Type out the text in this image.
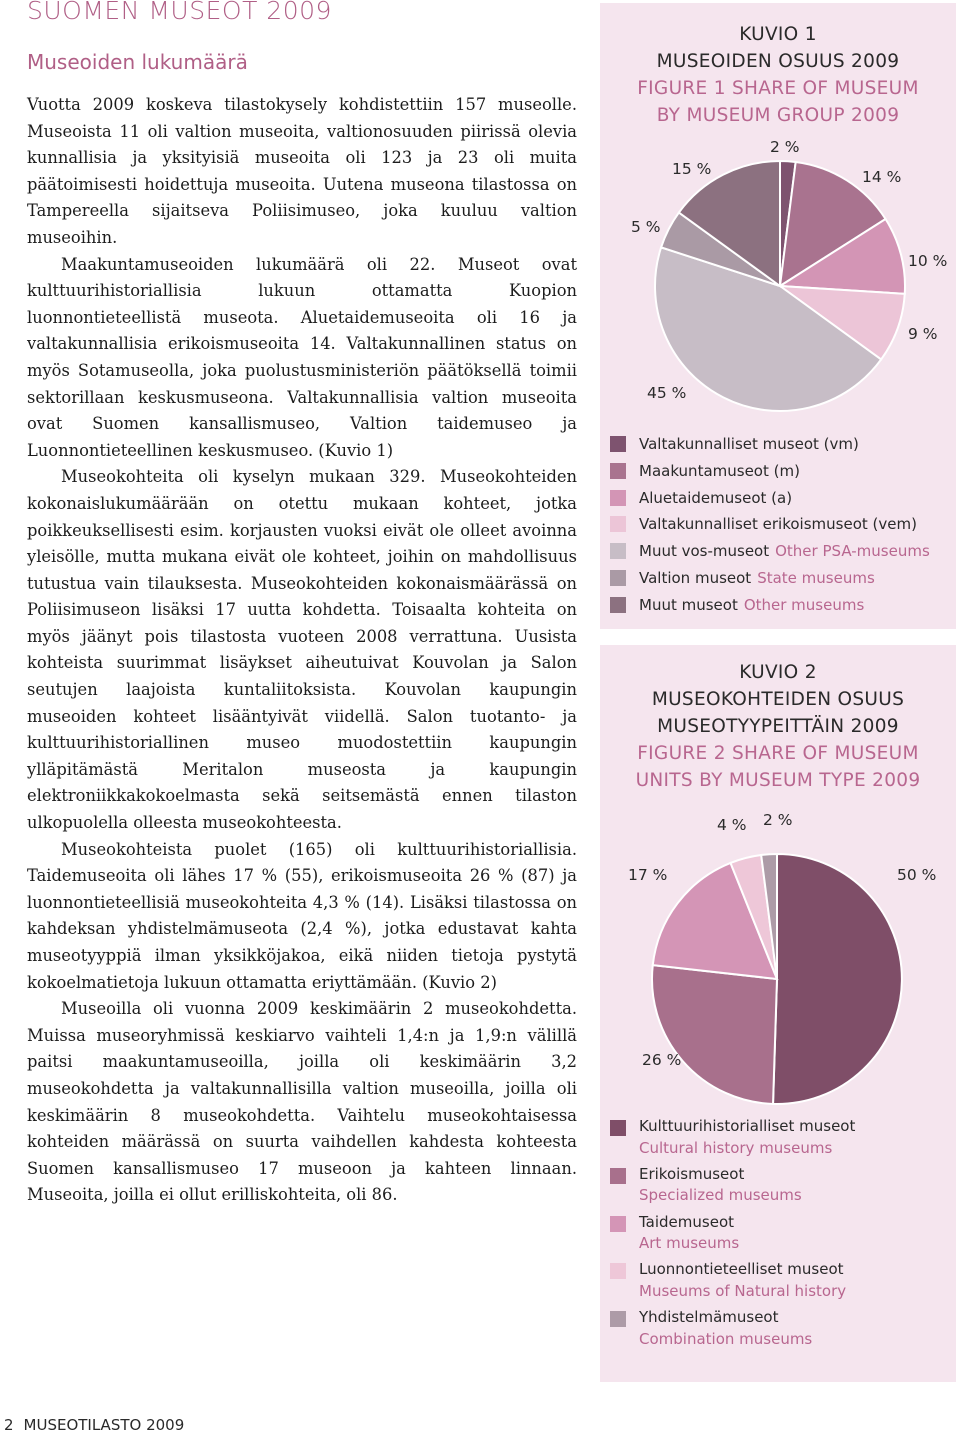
SUOMEN MUSEOT 2009
Museoiden lukumäärä

Vuotta 2009 koskeva tilastokysely kohdistettiin 157 museolle. Museoista 11 oli valtion museoita, valtionosuuden piirissä olevia kunnallisia ja yksityisiä museoita oli 123 ja 23 oli muita päätoimisesti hoidettuja museoita. Uutena museona tilastossa on Tampereella sijaitseva Poliisimuseo, joka kuuluu valtion museoihin.

Maakuntamuseoiden lukumäärä oli 22. Museot ovat kulttuurihistoriallisia lukuun ottamatta Kuopion luonnontieteellistä museota. Aluetaidemuseoita oli 16 ja valtakunnallisia erikoismuseoita 14. Valtakunnallinen status on myös Sotamuseolla, joka puolustusministeriön päätöksellä toimii sektorillaan keskusmuseona. Valtakunnallisia valtion museoita ovat Suomen kansallismuseo, Valtion taidemuseo ja Luonnontieteellinen keskusmuseo. (Kuvio 1)

Museokohteita oli kyselyn mukaan 329. Museokohteiden kokonaislukumäärään on otettu mukaan kohteet, jotka poikkeuksellisesti esim. korjausten vuoksi eivät ole olleet avoinna yleisölle, mutta mukana eivät ole kohteet, joihin on mahdollisuus tutustua vain tilauksesta. Museokohteiden kokonaismäärässä on Poliisimuseon lisäksi 17 uutta kohdetta. Toisaalta kohteita on myös jäänyt pois tilastosta vuoteen 2008 verrattuna. Uusista kohteista suurimmat lisäykset aiheutuivat Kouvolan ja Salon seutujen laajoista kuntaliitoksista. Kouvolan kaupungin museoiden kohteet lisääntyivät viidellä. Salon tuotanto- ja kulttuurihistoriallinen museo muodostettiin kaupungin ylläpitämästä Meritalon museosta ja kaupungin elektroniikkakokoelmasta sekä seitsemästä ennen tilaston ulkopuolella olleesta museokohteesta.

Museokohteista puolet (165) oli kulttuurihistoriallisia. Taidemuseoita oli lähes 17 % (55), erikoismuseoita 26 % (87) ja luonnontieteellisiä museokohteita 4,3 % (14). Lisäksi tilastossa on kahdeksan yhdistelmämuseota (2,4 %), jotka edustavat kahta museotyyppiä ilman yksikköjakoa, eikä niiden tietoja pystytä kokoelmatietoja lukuun ottamatta eriyttämään. (Kuvio 2)

Museoilla oli vuonna 2009 keskimäärin 2 museokohdetta. Muissa museoryhmissä keskiarvo vaihteli 1,4:n ja 1,9:n välillä paitsi maakuntamuseoilla, joilla oli keskimäärin 3,2 museokohdetta ja valtakunnallisilla valtion museoilla, joilla oli keskimäärin 8 museokohdetta. Vaihtelu museokohtaisessa kohteiden määrässä on suurta vaihdellen kahdesta kohteesta Suomen kansallismuseo 17 museoon ja kahteen linnaan. Museoita, joilla ei ollut erilliskohteita, oli 86.

KUVIO 1
MUSEOIDEN OSUUS 2009
FIGURE 1 SHARE OF MUSEUM
BY MUSEUM GROUP 2009
2 %
14 %
10 %
9 %
45 %
5 %
15 %
Valtakunnalliset museot (vm)
Maakuntamuseot (m)
Aluetaidemuseot (a)
Valtakunnalliset erikoismuseot (vem)
Muut vos-museot Other PSA-museums
Valtion museot State museums
Muut museot Other museums
KUVIO 2
MUSEOKOHTEIDEN OSUUS
MUSEOTYYPEITTÄIN 2009
FIGURE 2 SHARE OF MUSEUM
UNITS BY MUSEUM TYPE 2009
50 %
26 %
17 %
4 % 2 %
Kulttuurihistorialliset museot
Cultural history museums
Erikoismuseot
Specialized museums
Taidemuseot
Art museums
Luonnontieteelliset museot
Museums of Natural history
Yhdistelmämuseot
Combination museums
2 MUSEOTILASTO 2009
